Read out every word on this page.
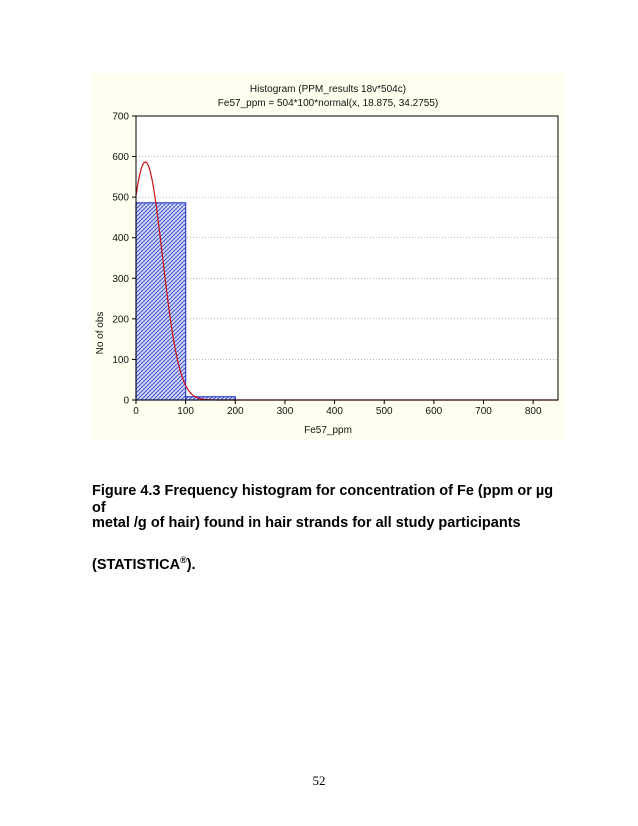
0
100
200
300
400
500
600
700
0	100	200	300	400	500	600	700	800
Histogram (PPM_results 18v*504c)
Fe57_ppm = 504*100*normal(x, 18.875, 34.2755)
No of obs
Fe57_ppm
Figure 4.3 Frequency histogram for concentration of Fe (ppm or µg of
metal /g of hair) found in hair strands for all study participants
(STATISTICA®).
52
